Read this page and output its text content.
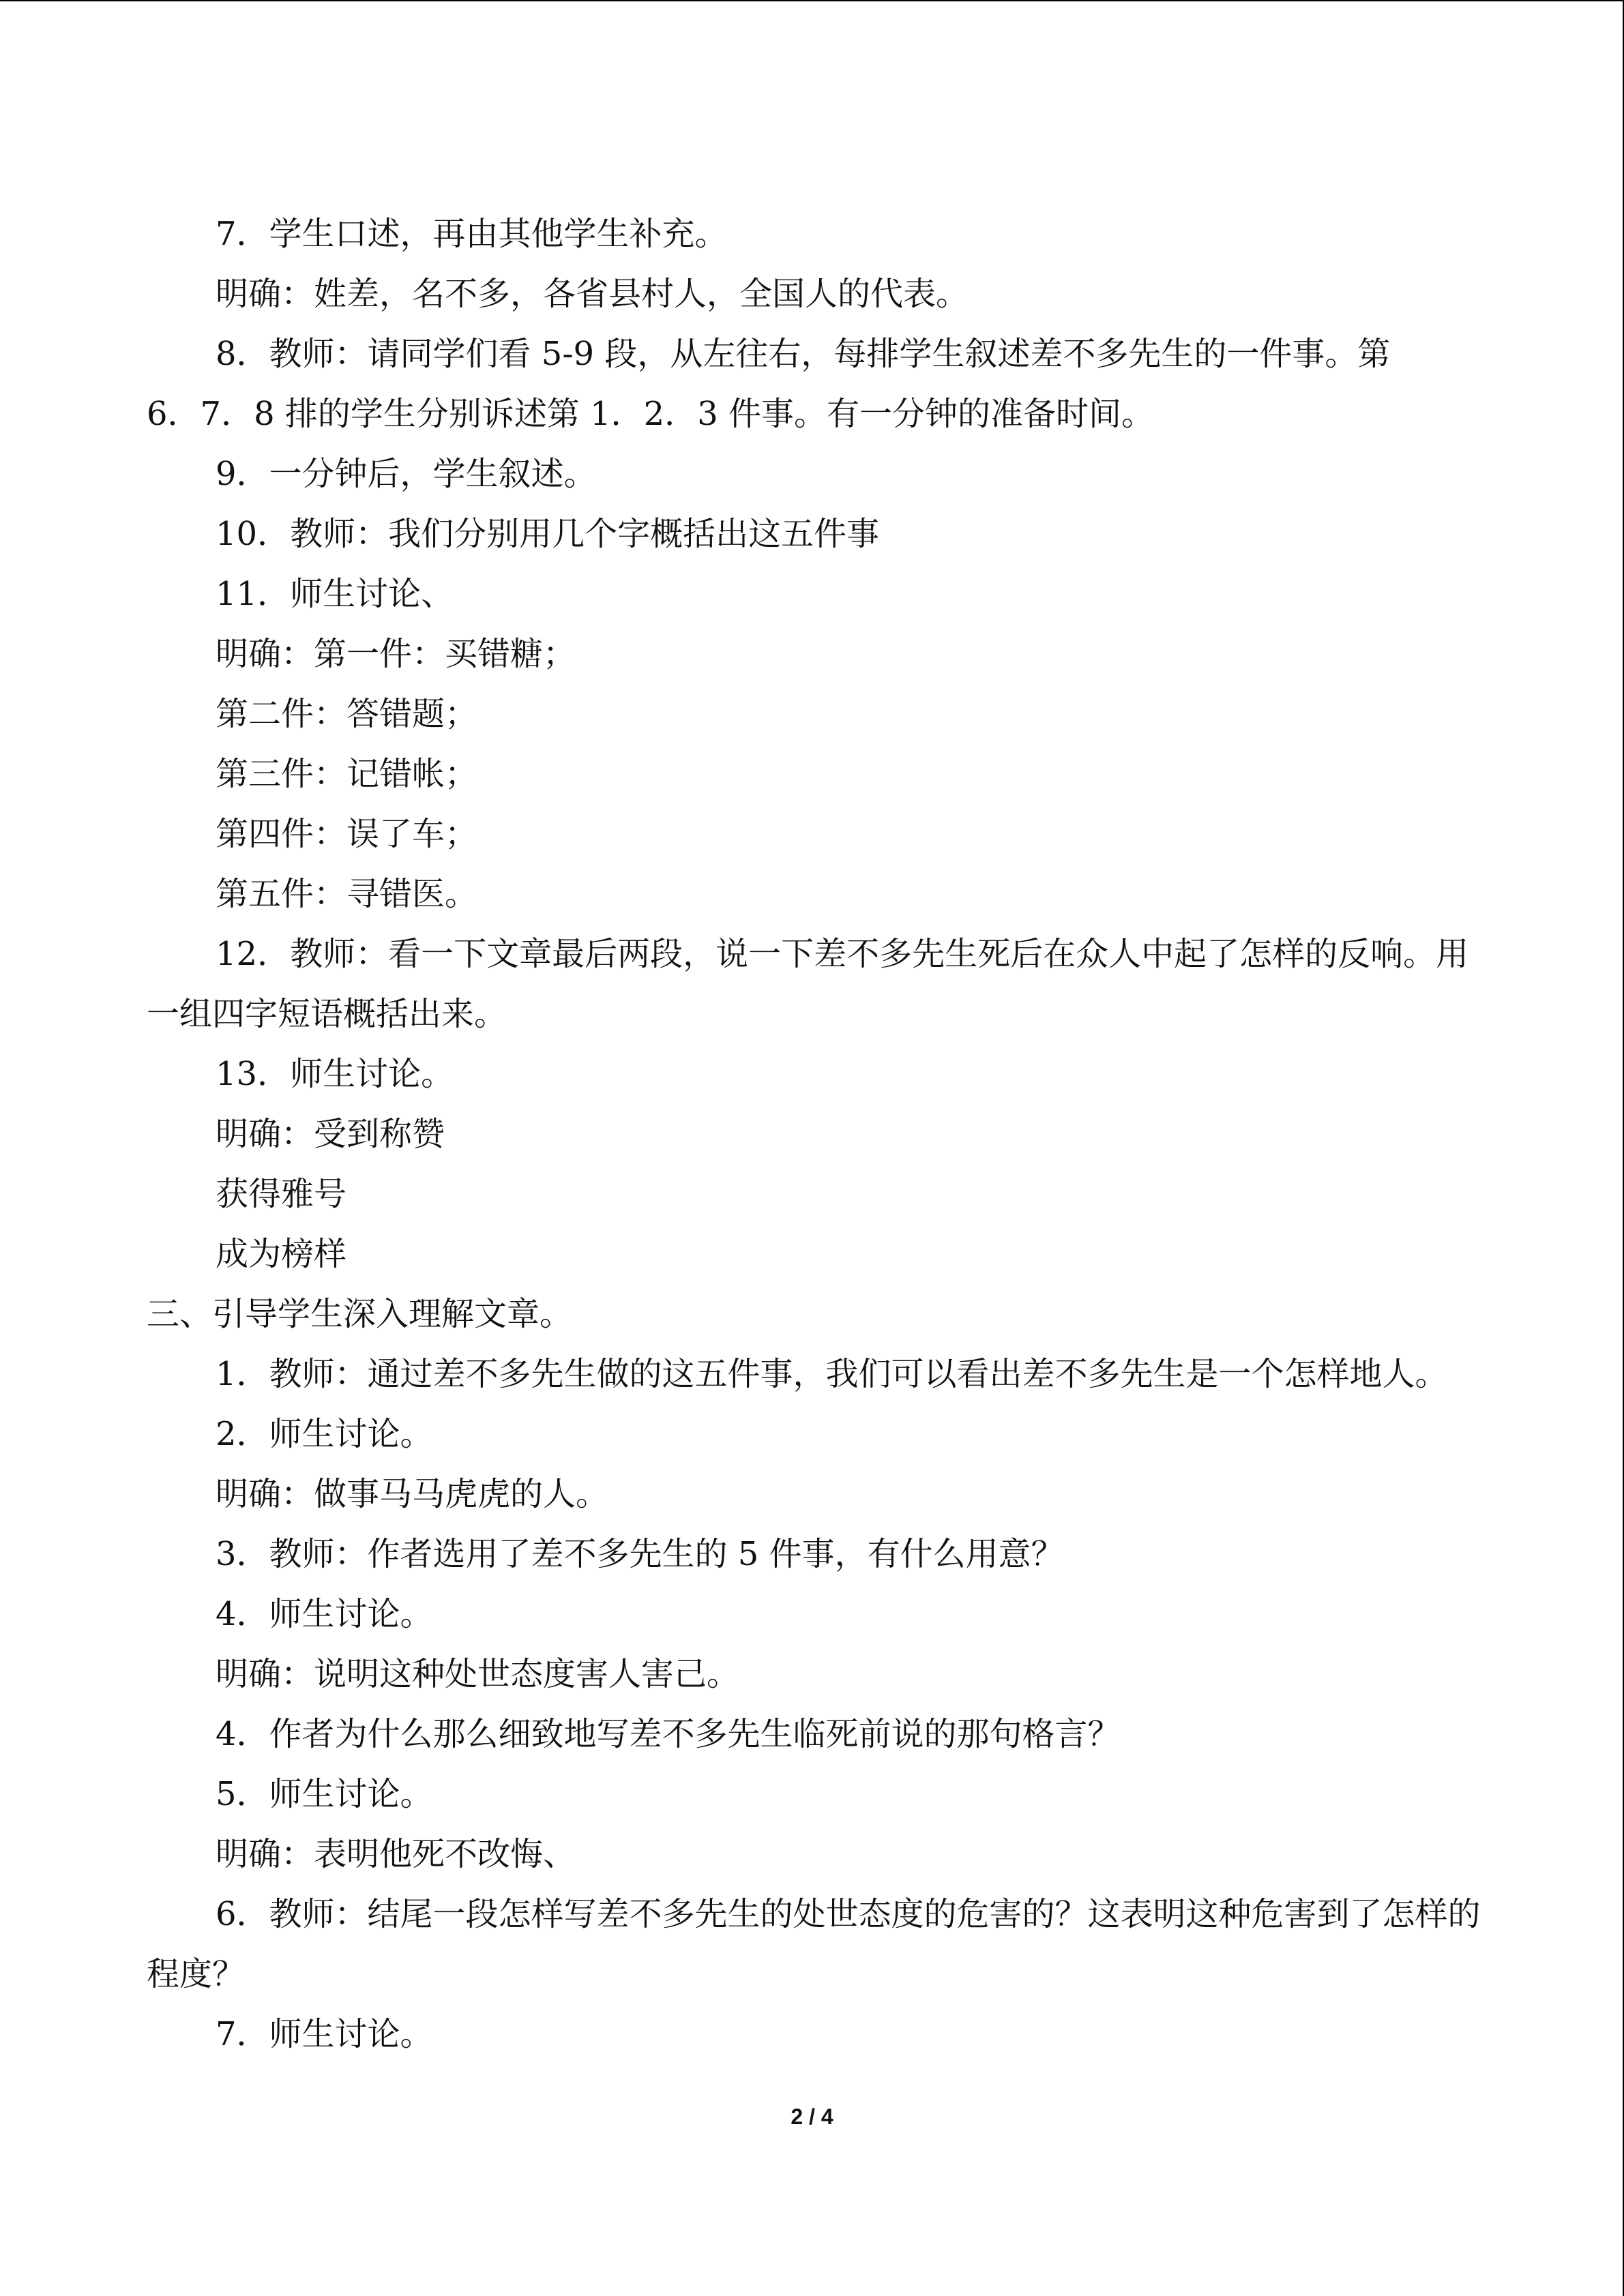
7．学生口述，再由其他学生补充。
明确：姓差，名不多，各省县村人，全国人的代表。
8．教师：请同学们看 5-9 段，从左往右，每排学生叙述差不多先生的一件事。第
6．7．8 排的学生分别诉述第 1．2．3 件事。有一分钟的准备时间。
9．一分钟后，学生叙述。
10．教师：我们分别用几个字概括出这五件事
11．师生讨论、
明确：第一件：买错糖；
第二件：答错题；
第三件：记错帐；
第四件：误了车；
第五件：寻错医。
12．教师：看一下文章最后两段，说一下差不多先生死后在众人中起了怎样的反响。用
一组四字短语概括出来。
13．师生讨论。
明确：受到称赞
获得雅号
成为榜样
三、引导学生深入理解文章。
1．教师：通过差不多先生做的这五件事，我们可以看出差不多先生是一个怎样地人。
2．师生讨论。
明确：做事马马虎虎的人。
3．教师：作者选用了差不多先生的 5 件事，有什么用意？
4．师生讨论。
明确：说明这种处世态度害人害己。
4．作者为什么那么细致地写差不多先生临死前说的那句格言？
5．师生讨论。
明确：表明他死不改悔、
6．教师：结尾一段怎样写差不多先生的处世态度的危害的？这表明这种危害到了怎样的
程度？
7．师生讨论。
2 / 4
